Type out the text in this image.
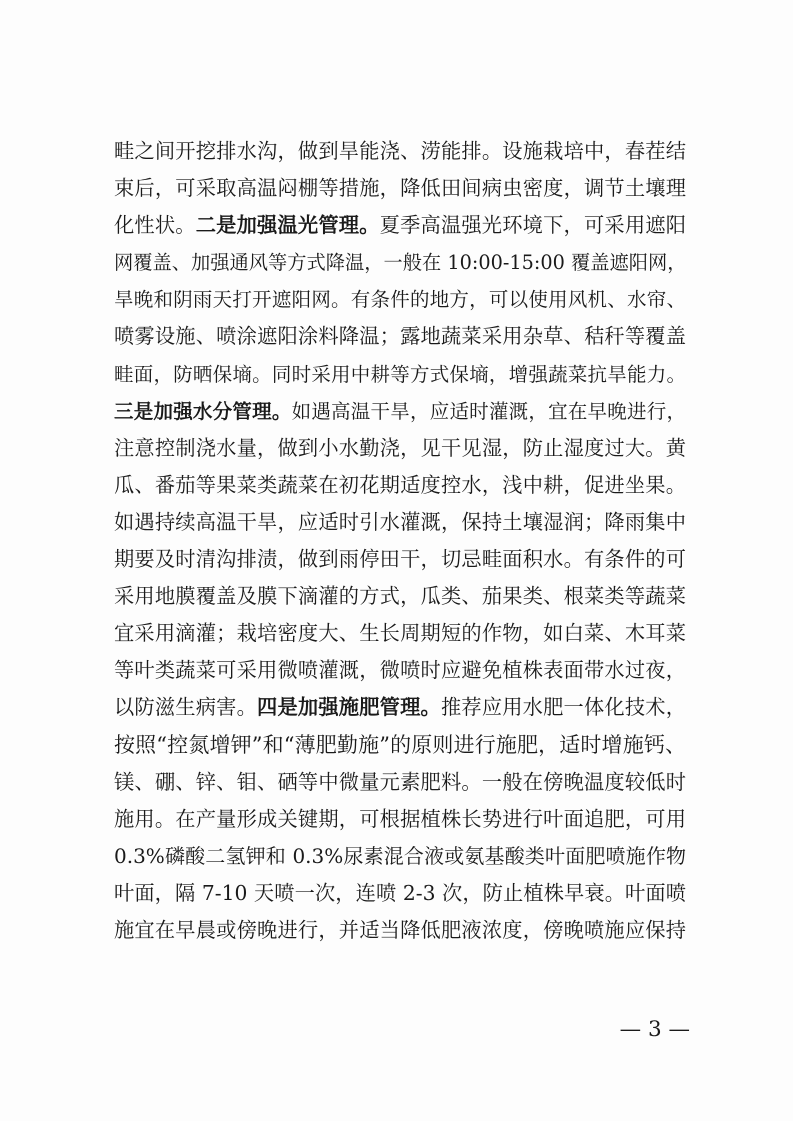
畦之间开挖排水沟，做到旱能浇、涝能排。设施栽培中，春茬结
束后，可采取高温闷棚等措施，降低田间病虫密度，调节土壤理
化性状。二是加强温光管理。夏季高温强光环境下，可采用遮阳
网覆盖、加强通风等方式降温，一般在 10:00-15:00 覆盖遮阳网，
旱晚和阴雨天打开遮阳网。有条件的地方，可以使用风机、水帘、
喷雾设施、喷涂遮阳涂料降温；露地蔬菜采用杂草、秸秆等覆盖
畦面，防晒保墒。同时采用中耕等方式保墒，增强蔬菜抗旱能力。
三是加强水分管理。如遇高温干旱，应适时灌溉，宜在早晚进行，
注意控制浇水量，做到小水勤浇，见干见湿，防止湿度过大。黄
瓜、番茄等果菜类蔬菜在初花期适度控水，浅中耕，促进坐果。
如遇持续高温干旱，应适时引水灌溉，保持土壤湿润；降雨集中
期要及时清沟排渍，做到雨停田干，切忌畦面积水。有条件的可
采用地膜覆盖及膜下滴灌的方式，瓜类、茄果类、根菜类等蔬菜
宜采用滴灌；栽培密度大、生长周期短的作物，如白菜、木耳菜
等叶类蔬菜可采用微喷灌溉，微喷时应避免植株表面带水过夜，
以防滋生病害。四是加强施肥管理。推荐应用水肥一体化技术，
按照“控氮增钾”和“薄肥勤施”的原则进行施肥，适时增施钙、
镁、硼、锌、钼、硒等中微量元素肥料。一般在傍晚温度较低时
施用。在产量形成关键期，可根据植株长势进行叶面追肥，可用
0.3%磷酸二氢钾和 0.3%尿素混合液或氨基酸类叶面肥喷施作物
叶面，隔 7-10 天喷一次，连喷 2-3 次，防止植株早衰。叶面喷
施宜在早晨或傍晚进行，并适当降低肥液浓度，傍晚喷施应保持
— 3 —
